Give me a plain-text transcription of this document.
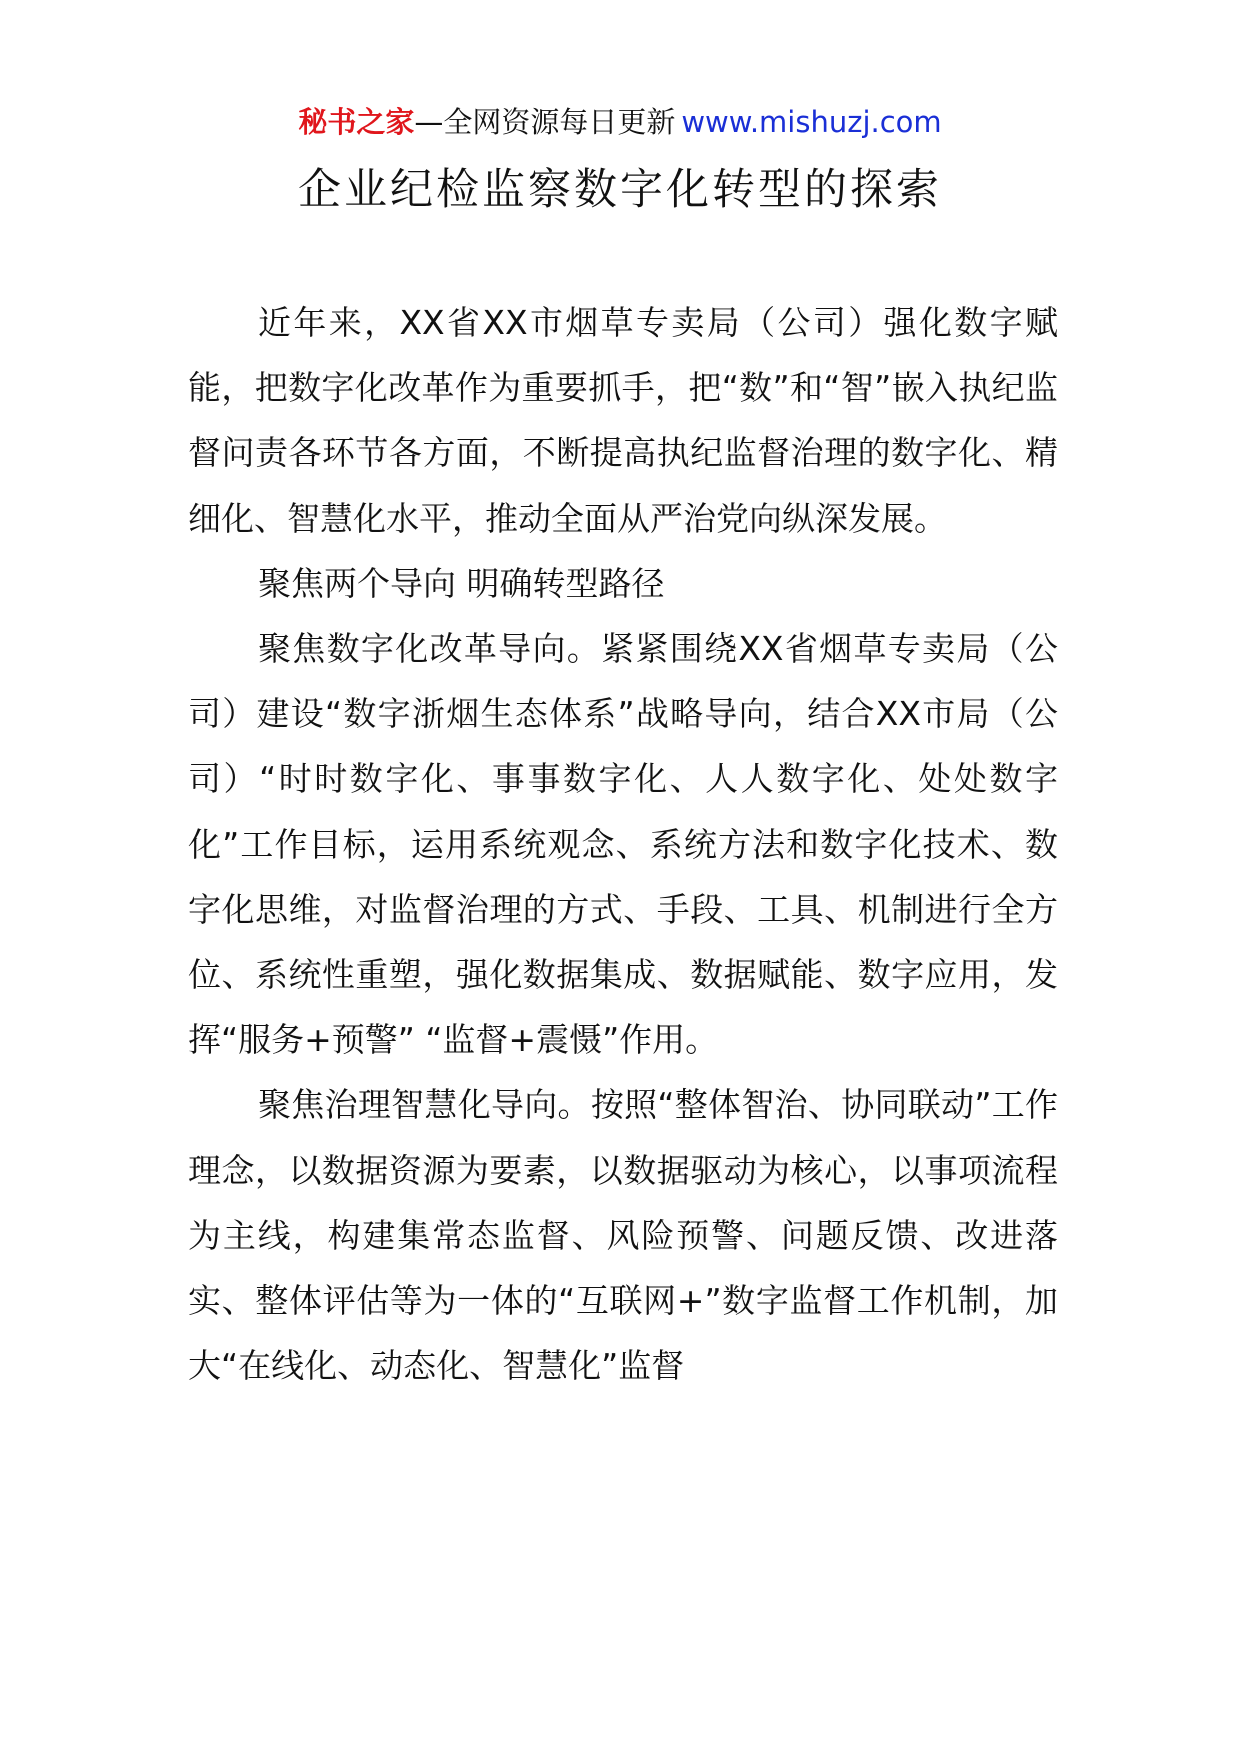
秘书之家—全网资源每日更新 www.mishuzj.com
企业纪检监察数字化转型的探索

近年来，XX省XX市烟草专卖局（公司）强化数字赋能，把数字化改革作为重要抓手，把“数”和“智”嵌入执纪监督问责各环节各方面，不断提高执纪监督治理的数字化、精细化、智慧化水平，推动全面从严治党向纵深发展。

聚焦两个导向 明确转型路径

聚焦数字化改革导向。紧紧围绕XX省烟草专卖局（公司）建设“数字浙烟生态体系”战略导向，结合XX市局（公司）“时时数字化、事事数字化、人人数字化、处处数字化”工作目标，运用系统观念、系统方法和数字化技术、数字化思维，对监督治理的方式、手段、工具、机制进行全方位、系统性重塑，强化数据集成、数据赋能、数字应用，发挥“服务+预警” “监督+震慑”作用。

聚焦治理智慧化导向。按照“整体智治、协同联动”工作理念，以数据资源为要素，以数据驱动为核心，以事项流程为主线，构建集常态监督、风险预警、问题反馈、改进落实、整体评估等为一体的“互联网+”数字监督工作机制，加大“在线化、动态化、智慧化”监督
